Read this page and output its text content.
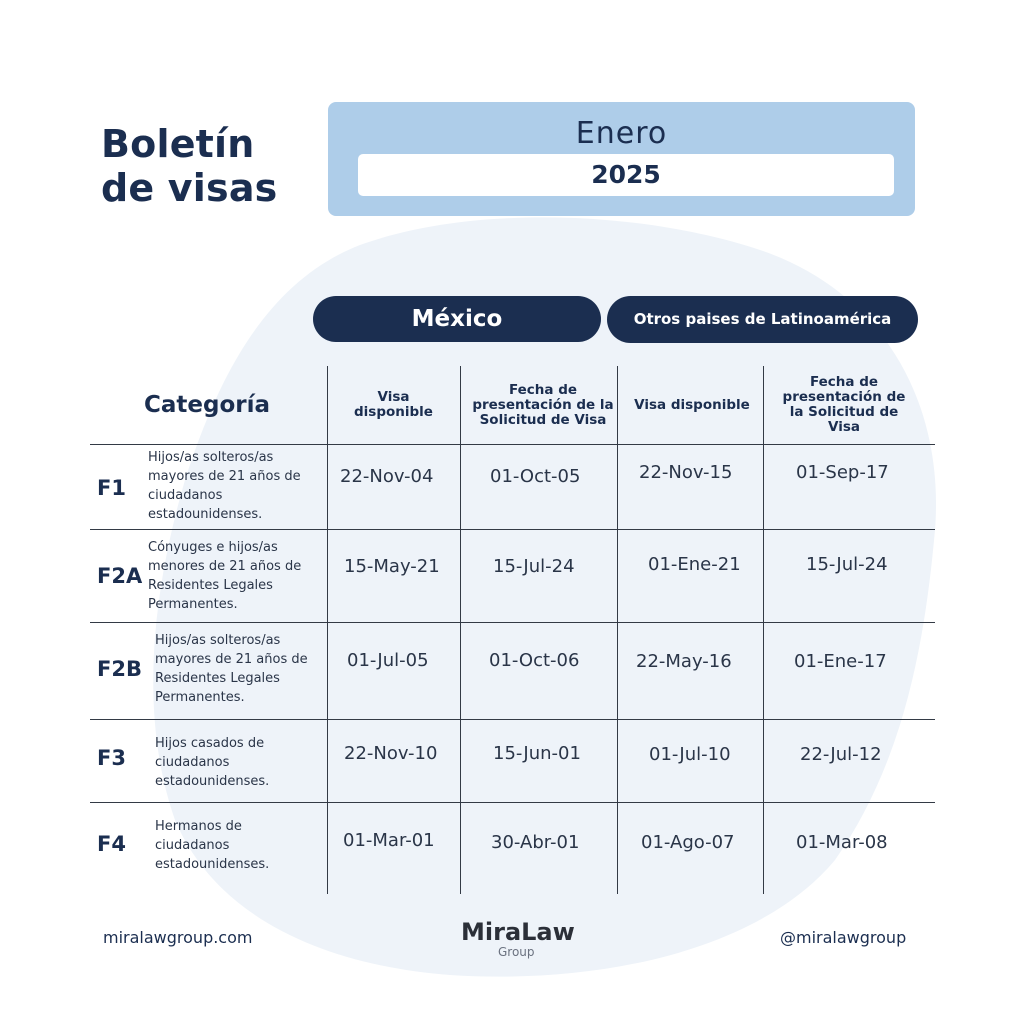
Boletín
de visas
Enero
2025
México	Otros paises de Latinoamérica
Categoría	Visa disponible
Fecha de presentación de la Solicitud de Visa
Visa disponible
Fecha de presentación de la Solicitud de Visa
F1
Hijos/as solteros/as mayores de 21 años de ciudadanos estadounidenses.
22-Nov-04	01-Oct-05	22-Nov-15	01-Sep-17
F2A
Cónyuges e hijos/as menores de 21 años de Residentes Legales Permanentes.
15-May-21	15-Jul-24	01-Ene-21	15-Jul-24
F2B
Hijos/as solteros/as mayores de 21 años de Residentes Legales Permanentes.
01-Jul-05	01-Oct-06	22-May-16	01-Ene-17
F3
Hijos casados de ciudadanos estadounidenses.
22-Nov-10	15-Jun-01	01-Jul-10	22-Jul-12
F4
Hermanos de ciudadanos estadounidenses.
01-Mar-01	30-Abr-01	01-Ago-07	01-Mar-08
miralawgroup.com	MiraLaw
Group
@miralawgroup
